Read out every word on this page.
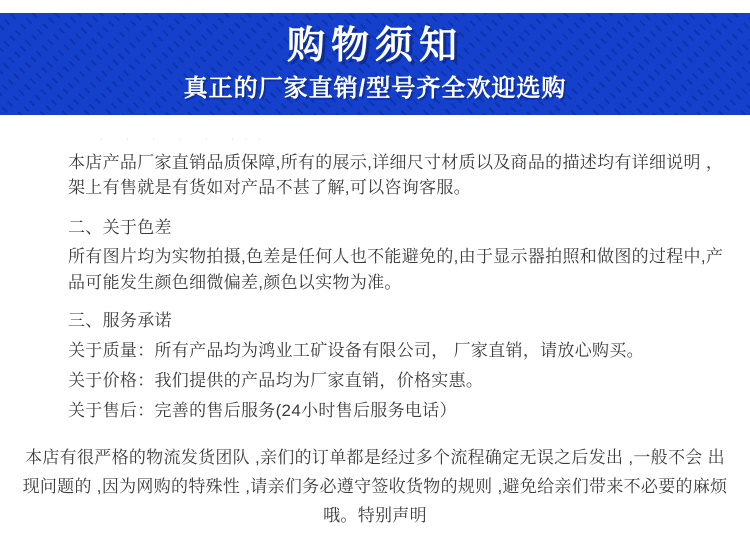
购物须知
真正的厂家直销/型号齐全欢迎选购
· · · · · ···
本店产品厂家直销品质保障,所有的展示,详细尺寸材质以及商品的描述均有详细说明 ，
架上有售就是有货如对产品不甚了解,可以咨询客服。
二、关于色差
所有图片均为实物拍摄,色差是任何人也不能避免的,由于显示器拍照和做图的过程中,产
品可能发生颜色细微偏差,颜色以实物为准。
三、服务承诺
关于质量：所有产品均为鸿业工矿设备有限公司， 厂家直销，请放心购买。
关于价格：我们提供的产品均为厂家直销，价格实惠。
关于售后：完善的售后服务(24小时售后服务电话）
本店有很严格的物流发货团队 ,亲们的订单都是经过多个流程确定无误之后发出 ,一般不会 出
现问题的 ,因为网购的特殊性 ,请亲们务必遵守签收货物的规则 ,避免给亲们带来不必要的麻烦
哦。特别声明
